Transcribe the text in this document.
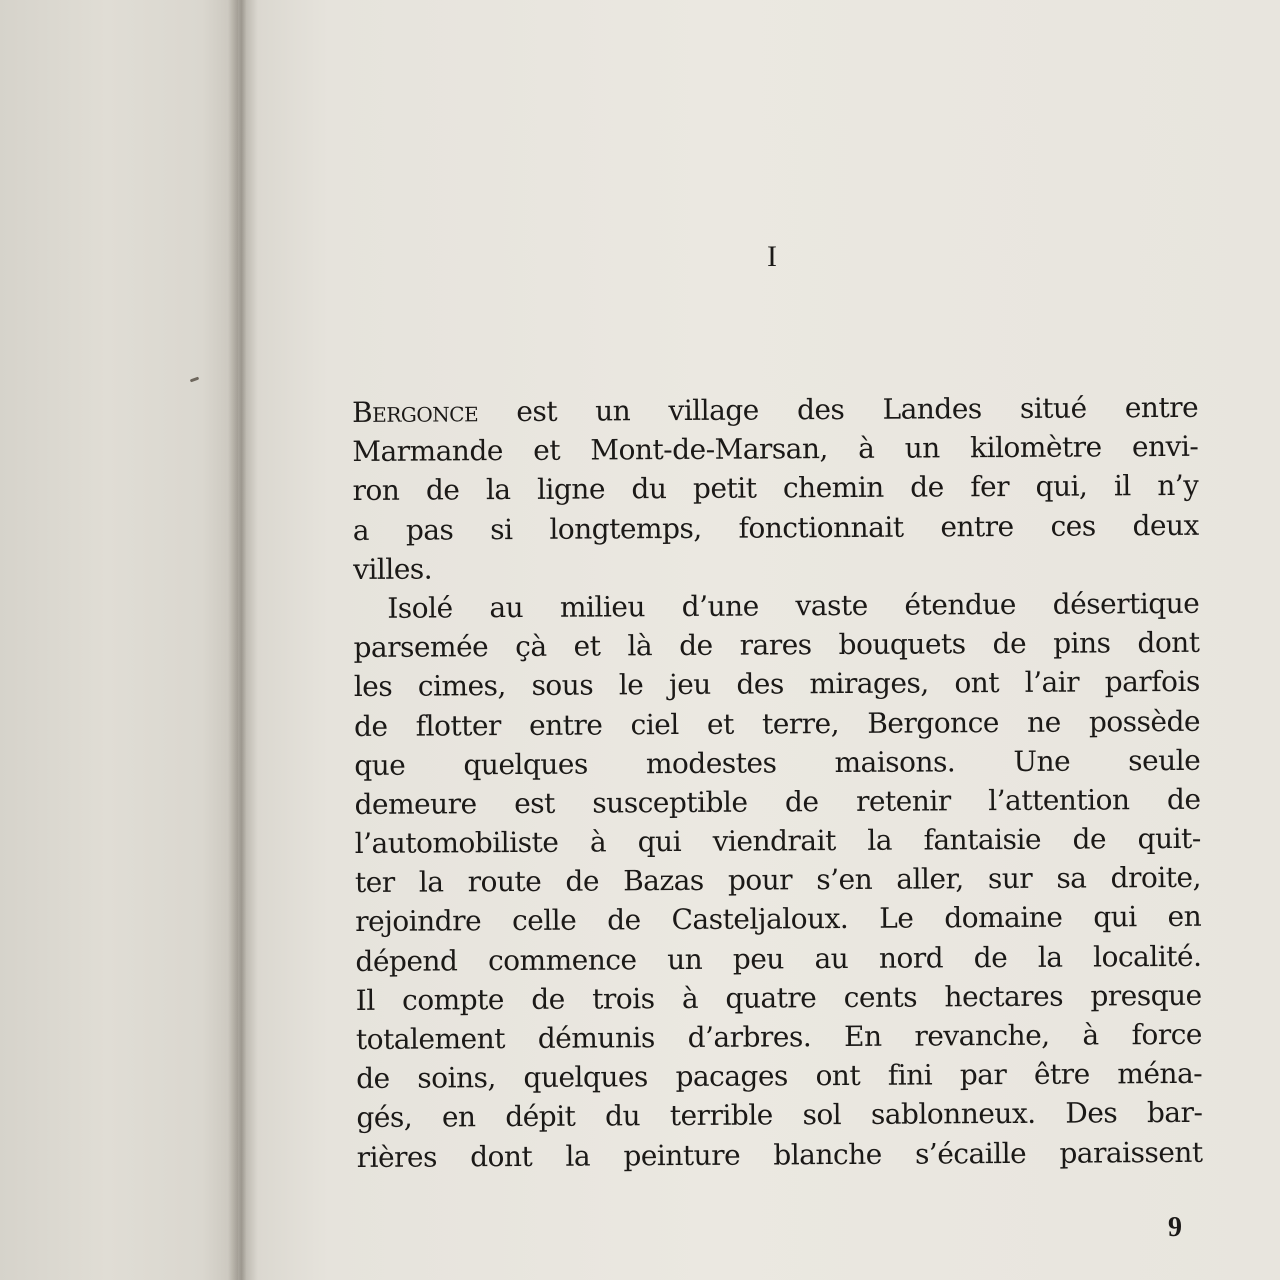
I
Bergonce est un village des Landes situé entre
Marmande et Mont-de-Marsan, à un kilomètre envi-
ron de la ligne du petit chemin de fer qui, il n’y
a pas si longtemps, fonctionnait entre ces deux
villes.
Isolé au milieu d’une vaste étendue désertique
parsemée çà et là de rares bouquets de pins dont
les cimes, sous le jeu des mirages, ont l’air parfois
de flotter entre ciel et terre, Bergonce ne possède
que quelques modestes maisons. Une seule
demeure est susceptible de retenir l’attention de
l’automobiliste à qui viendrait la fantaisie de quit-
ter la route de Bazas pour s’en aller, sur sa droite,
rejoindre celle de Casteljaloux. Le domaine qui en
dépend commence un peu au nord de la localité.
Il compte de trois à quatre cents hectares presque
totalement démunis d’arbres. En revanche, à force
de soins, quelques pacages ont fini par être ména-
gés, en dépit du terrible sol sablonneux. Des bar-
rières dont la peinture blanche s’écaille paraissent
9
